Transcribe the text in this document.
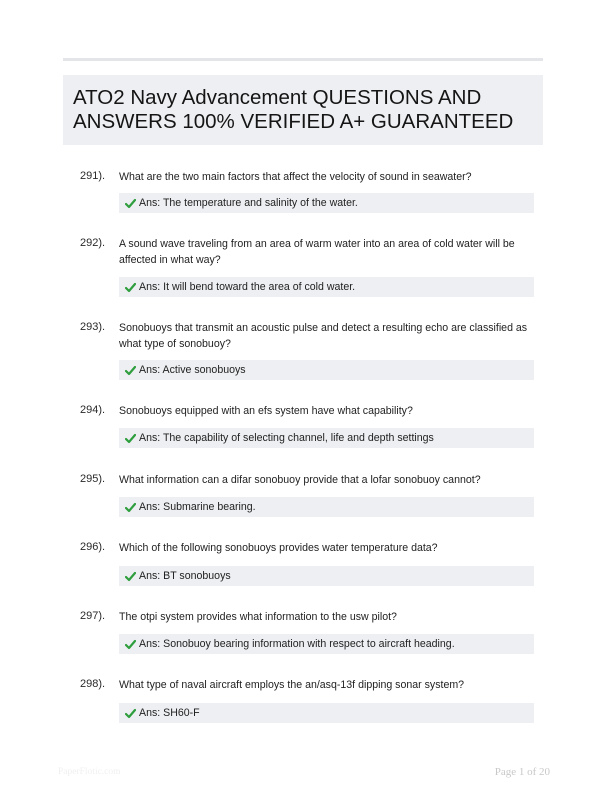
ATO2 Navy Advancement QUESTIONS AND ANSWERS 100% VERIFIED A+ GUARANTEED
291). What are the two main factors that affect the velocity of sound in seawater?
Ans: The temperature and salinity of the water.
292). A sound wave traveling from an area of warm water into an area of cold water will be affected in what way?
Ans: It will bend toward the area of cold water.
293). Sonobuoys that transmit an acoustic pulse and detect a resulting echo are classified as what type of sonobuoy?
Ans: Active sonobuoys
294). Sonobuoys equipped with an efs system have what capability?
Ans: The capability of selecting channel, life and depth settings
295). What information can a difar sonobuoy provide that a lofar sonobuoy cannot?
Ans: Submarine bearing.
296). Which of the following sonobuoys provides water temperature data?
Ans: BT sonobuoys
297). The otpi system provides what information to the usw pilot?
Ans: Sonobuoy bearing information with respect to aircraft heading.
298). What type of naval aircraft employs the an/asq-13f dipping sonar system?
Ans: SH60-F
PaperFlotic.com	Page 1 of 20
